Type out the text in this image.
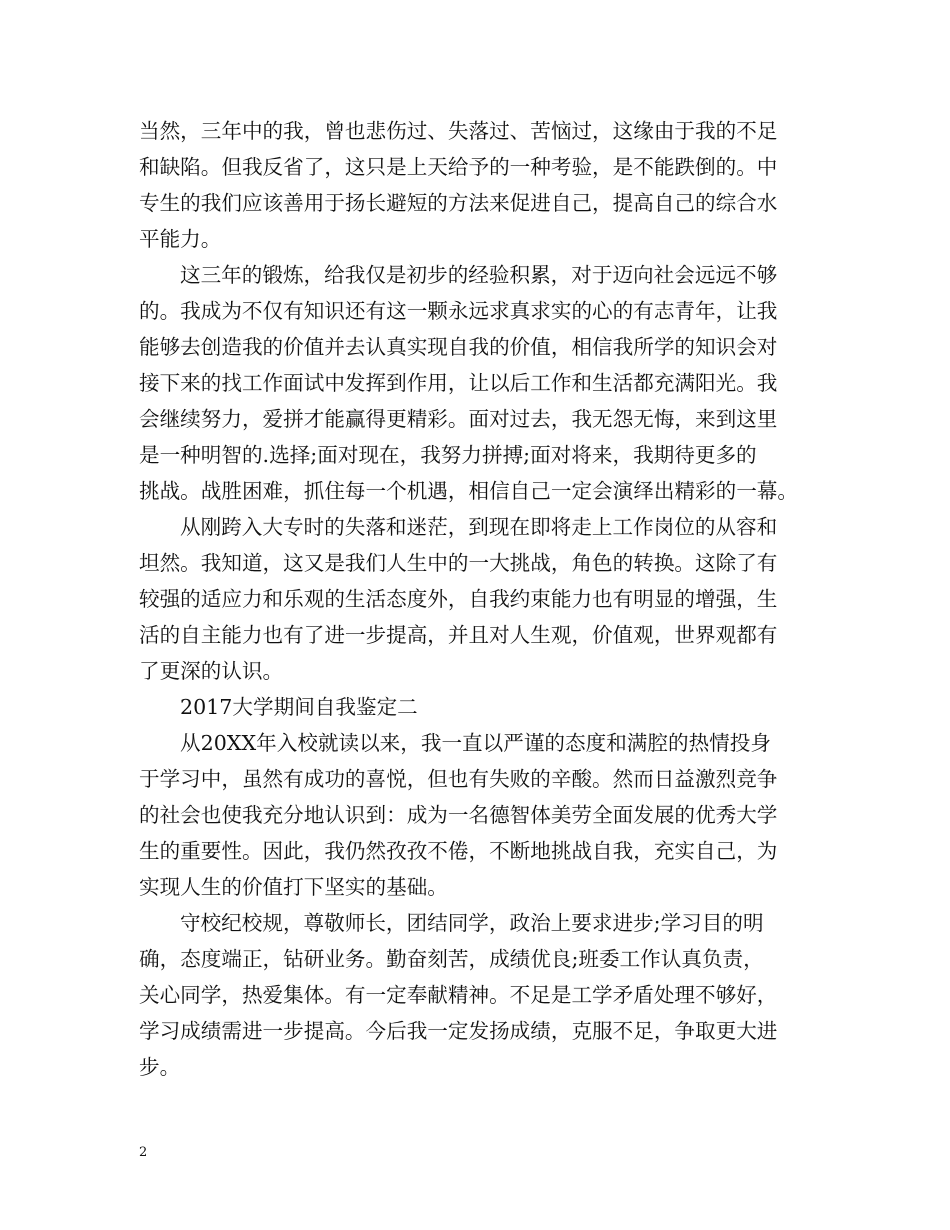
当然，三年中的我，曾也悲伤过、失落过、苦恼过，这缘由于我的不足
和缺陷。但我反省了，这只是上天给予的一种考验，是不能跌倒的。中
专生的我们应该善用于扬长避短的方法来促进自己，提高自己的综合水
平能力。
这三年的锻炼，给我仅是初步的经验积累，对于迈向社会远远不够
的。我成为不仅有知识还有这一颗永远求真求实的心的有志青年，让我
能够去创造我的价值并去认真实现自我的价值，相信我所学的知识会对
接下来的找工作面试中发挥到作用，让以后工作和生活都充满阳光。我
会继续努力，爱拼才能赢得更精彩。面对过去，我无怨无悔，来到这里
是一种明智的.选择;面对现在，我努力拼搏;面对将来，我期待更多的
挑战。战胜困难，抓住每一个机遇，相信自己一定会演绎出精彩的一幕。
从刚跨入大专时的失落和迷茫，到现在即将走上工作岗位的从容和
坦然。我知道，这又是我们人生中的一大挑战，角色的转换。这除了有
较强的适应力和乐观的生活态度外，自我约束能力也有明显的增强，生
活的自主能力也有了进一步提高，并且对人生观，价值观，世界观都有
了更深的认识。
2017大学期间自我鉴定二
从20XX年入校就读以来，我一直以严谨的态度和满腔的热情投身
于学习中，虽然有成功的喜悦，但也有失败的辛酸。然而日益激烈竞争
的社会也使我充分地认识到：成为一名德智体美劳全面发展的优秀大学
生的重要性。因此，我仍然孜孜不倦，不断地挑战自我，充实自己，为
实现人生的价值打下坚实的基础。
守校纪校规，尊敬师长，团结同学，政治上要求进步;学习目的明
确，态度端正，钻研业务。勤奋刻苦，成绩优良;班委工作认真负责，
关心同学，热爱集体。有一定奉献精神。不足是工学矛盾处理不够好，
学习成绩需进一步提高。今后我一定发扬成绩，克服不足，争取更大进
步。
2
